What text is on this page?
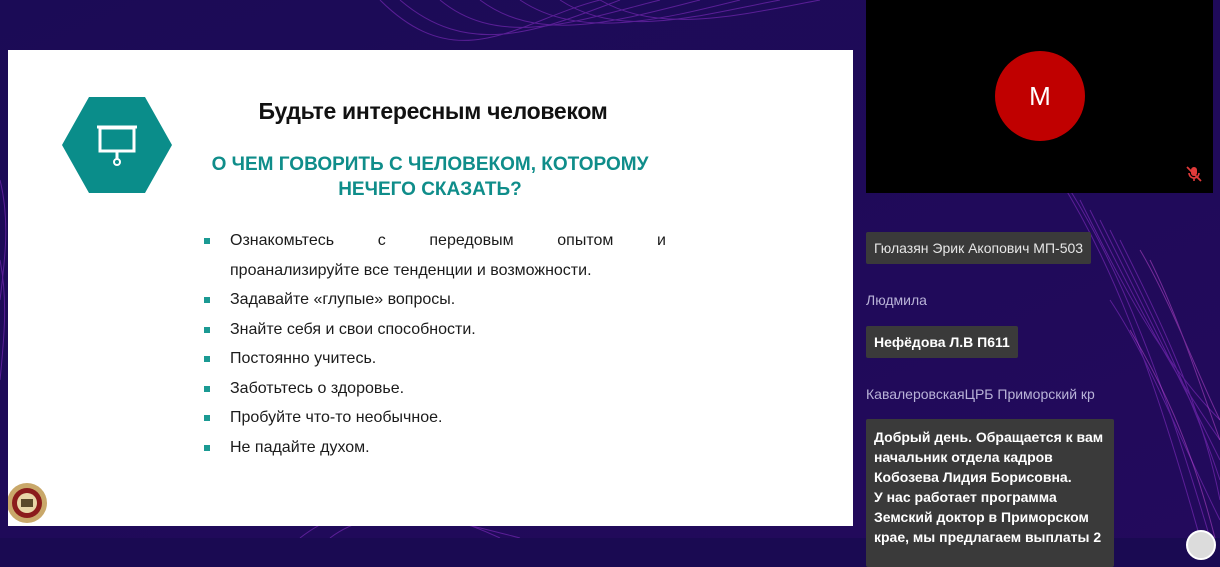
Будьте интересным человеком
О ЧЕМ ГОВОРИТЬ С ЧЕЛОВЕКОМ, КОТОРОМУ
НЕЧЕГО СКАЗАТЬ?
Ознакомьтесь	с	передовым	опытом	и
проанализируйте все тенденции и возможности.
Задавайте «глупые» вопросы.
Знайте себя и свои способности.
Постоянно учитесь.
Заботьтесь о здоровье.
Пробуйте что-то необычное.
Не падайте духом.
М
Гюлазян Эрик Акопович МП-503
Людмила
Нефёдова Л.В П611
КавалеровскаяЦРБ Приморский кр
Добрый день. Обращается к вам
начальник отдела кадров
Кобозева Лидия Борисовна.
У нас работает программа
Земский доктор в Приморском
крае, мы предлагаем выплаты 2
